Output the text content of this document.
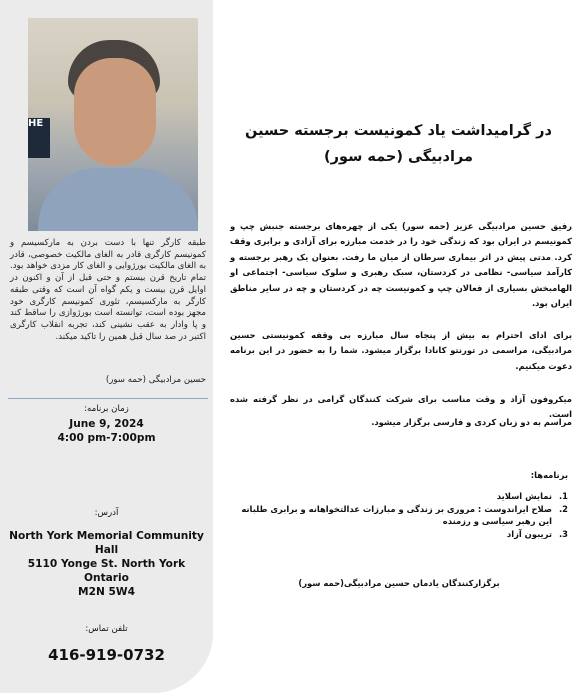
HE
طبقه کارگر تنها با دست بردن به مارکسیسم و کمونیسم کارگری قادر به الغای مالکیت خصوصی، قادر به الغای مالکیت بورژوایی و الغای کار مزدی خواهد بود. تمام تاریخ قرن بیستم و حتی قبل از آن و اکنون در اوایل قرن بیست و یکم گواه آن است که وقتی طبقه کارگر به مارکسیسم، تئوری کمونیسم کارگری خود مجهز بوده است، توانسته است بورژوازی را ساقط کند و پا وادار به عقب نشینی کند، تجربه انقلاب کارگری اکتبر در صد سال قبل همین را تاکید میکند.
حسین مرادبیگی (حمه سور)
زمان برنامه:
June 9, 2024
4:00 pm-7:00pm
آدرس:
North York Memorial Community
Hall
5110 Yonge St. North York
Ontario
M2N 5W4
تلفن تماس:
416-919-0732
در گرامیداشت یاد کمونیست برجسته حسین مرادبیگی (حمه سور)
رفیق حسین مرادبیگی عزیز (حمه سور) یکی از چهره‌های برجسته جنبش چپ و کمونیسم در ایران بود که زندگی خود را در خدمت مبارزه برای آزادی و برابری وقف کرد. مدتی پیش در اثر بیماری سرطان از میان ما رفت. بعنوان یک رهبر برجسته و کارآمد سیاسی- نظامی در کردستان، سبک رهبری و سلوک سیاسی- اجتماعی او الهامبخش بسیاری از فعالان چپ و کمونیست چه در کردستان و چه در سایر مناطق ایران بود.
برای ادای احترام به بیش از پنجاه سال مبارزه بی وقفه کمونیستی حسین مرادبیگی، مراسمی در تورنتو کانادا برگزار میشود. شما را به حضور در این برنامه دعوت میکنیم.
میکروفون آزاد و وقت مناسب برای شرکت کنندگان گرامی در نظر گرفته شده است.
مراسم به دو زبان کردی و فارسی برگزار میشود.
برنامه‌ها:
1.
نمایش اسلاید
2.
صلاح ایراندوست : مروری بر زندگی و مبارزات عدالتخواهانه و برابری طلبانه این رهبر سیاسی و رزمنده
3.
تریبون آزاد
برگزارکنندگان یادمان حسین مرادبیگی(حمه سور)
